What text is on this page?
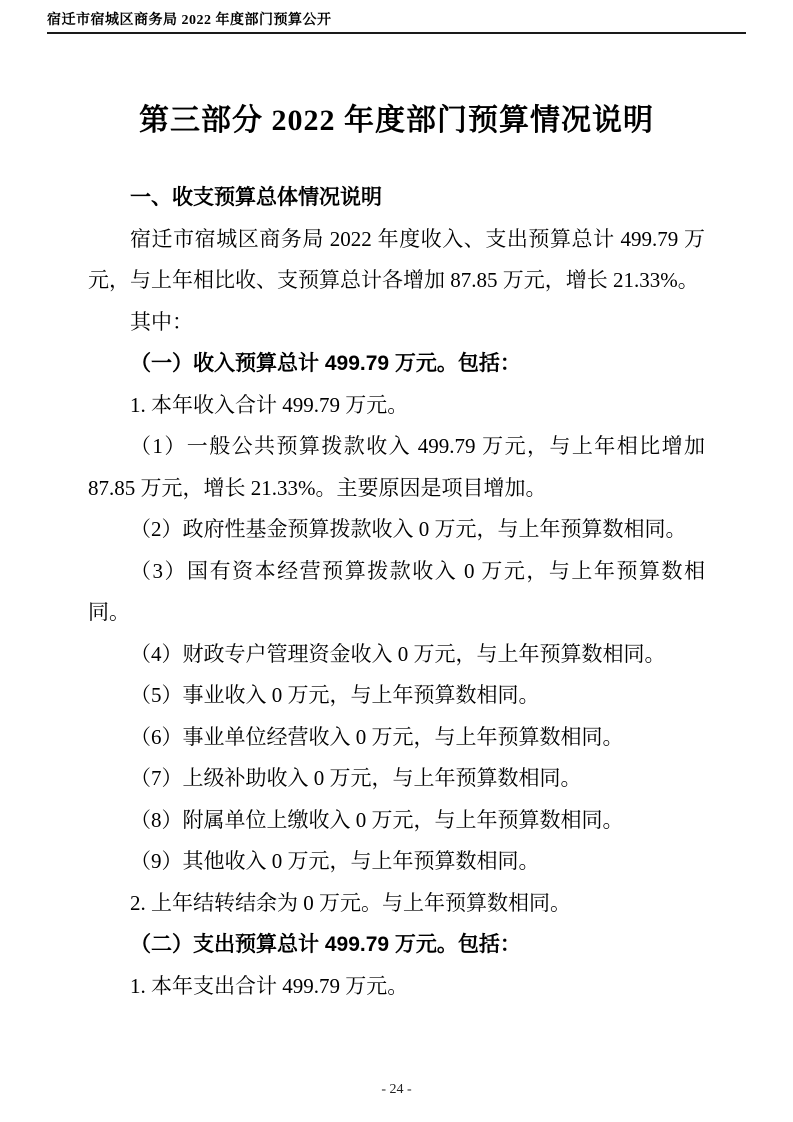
宿迁市宿城区商务局 2022 年度部门预算公开
第三部分 2022 年度部门预算情况说明

一、收支预算总体情况说明

宿迁市宿城区商务局 2022 年度收入、支出预算总计 499.79 万元，与上年相比收、支预算总计各增加 87.85 万元，增长 21.33%。

其中：

（一）收入预算总计 499.79 万元。包括：

1. 本年收入合计 499.79 万元。

（1）一般公共预算拨款收入 499.79 万元，与上年相比增加 87.85 万元，增长 21.33%。主要原因是项目增加。

（2）政府性基金预算拨款收入 0 万元，与上年预算数相同。

（3）国有资本经营预算拨款收入 0 万元，与上年预算数相同。

（4）财政专户管理资金收入 0 万元，与上年预算数相同。

（5）事业收入 0 万元，与上年预算数相同。

（6）事业单位经营收入 0 万元，与上年预算数相同。

（7）上级补助收入 0 万元，与上年预算数相同。

（8）附属单位上缴收入 0 万元，与上年预算数相同。

（9）其他收入 0 万元，与上年预算数相同。

2. 上年结转结余为 0 万元。与上年预算数相同。

（二）支出预算总计 499.79 万元。包括：

1. 本年支出合计 499.79 万元。

- 24 -
